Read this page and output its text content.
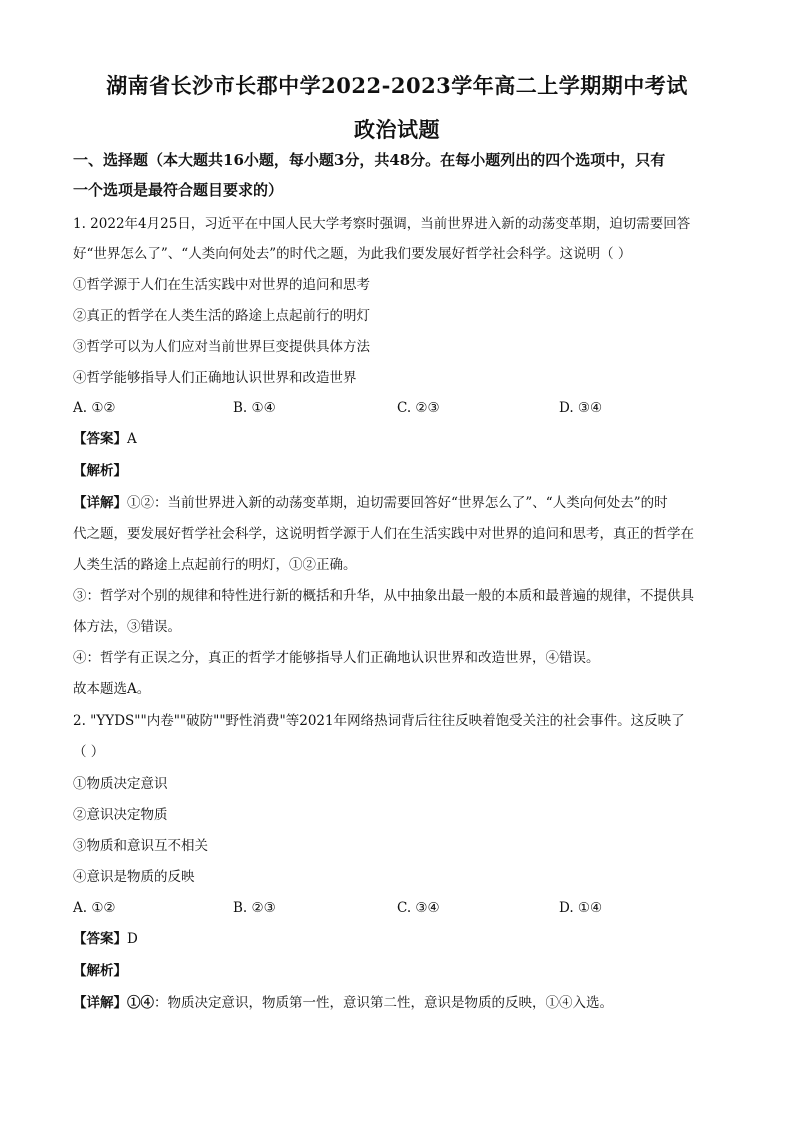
湖南省长沙市长郡中学2022-2023学年高二上学期期中考试
政治试题
一、选择题（本大题共16小题，每小题3分，共48分。在每小题列出的四个选项中，只有
一个选项是最符合题目要求的）
1. 2022年4月25日，习近平在中国人民大学考察时强调，当前世界进入新的动荡变革期，迫切需要回答
好“世界怎么了”、“人类向何处去”的时代之题，为此我们要发展好哲学社会科学。这说明（ ）
①哲学源于人们在生活实践中对世界的追问和思考
②真正的哲学在人类生活的路途上点起前行的明灯
③哲学可以为人们应对当前世界巨变提供具体方法
④哲学能够指导人们正确地认识世界和改造世界
A. ①②	B. ①④	C. ②③	D. ③④
【答案】A
【解析】
【详解】①②：当前世界进入新的动荡变革期，迫切需要回答好“世界怎么了”、“人类向何处去”的时
代之题，要发展好哲学社会科学，这说明哲学源于人们在生活实践中对世界的追问和思考，真正的哲学在
人类生活的路途上点起前行的明灯，①②正确。
③：哲学对个别的规律和特性进行新的概括和升华，从中抽象出最一般的本质和最普遍的规律，不提供具
体方法，③错误。
④：哲学有正误之分，真正的哲学才能够指导人们正确地认识世界和改造世界，④错误。
故本题选A。
2. "YYDS""内卷""破防""野性消费"等2021年网络热词背后往往反映着饱受关注的社会事件。这反映了
（ ）
①物质决定意识
②意识决定物质
③物质和意识互不相关
④意识是物质的反映
A. ①②	B. ②③	C. ③④	D. ①④
【答案】D
【解析】
【详解】①④：物质决定意识，物质第一性，意识第二性，意识是物质的反映，①④入选。
